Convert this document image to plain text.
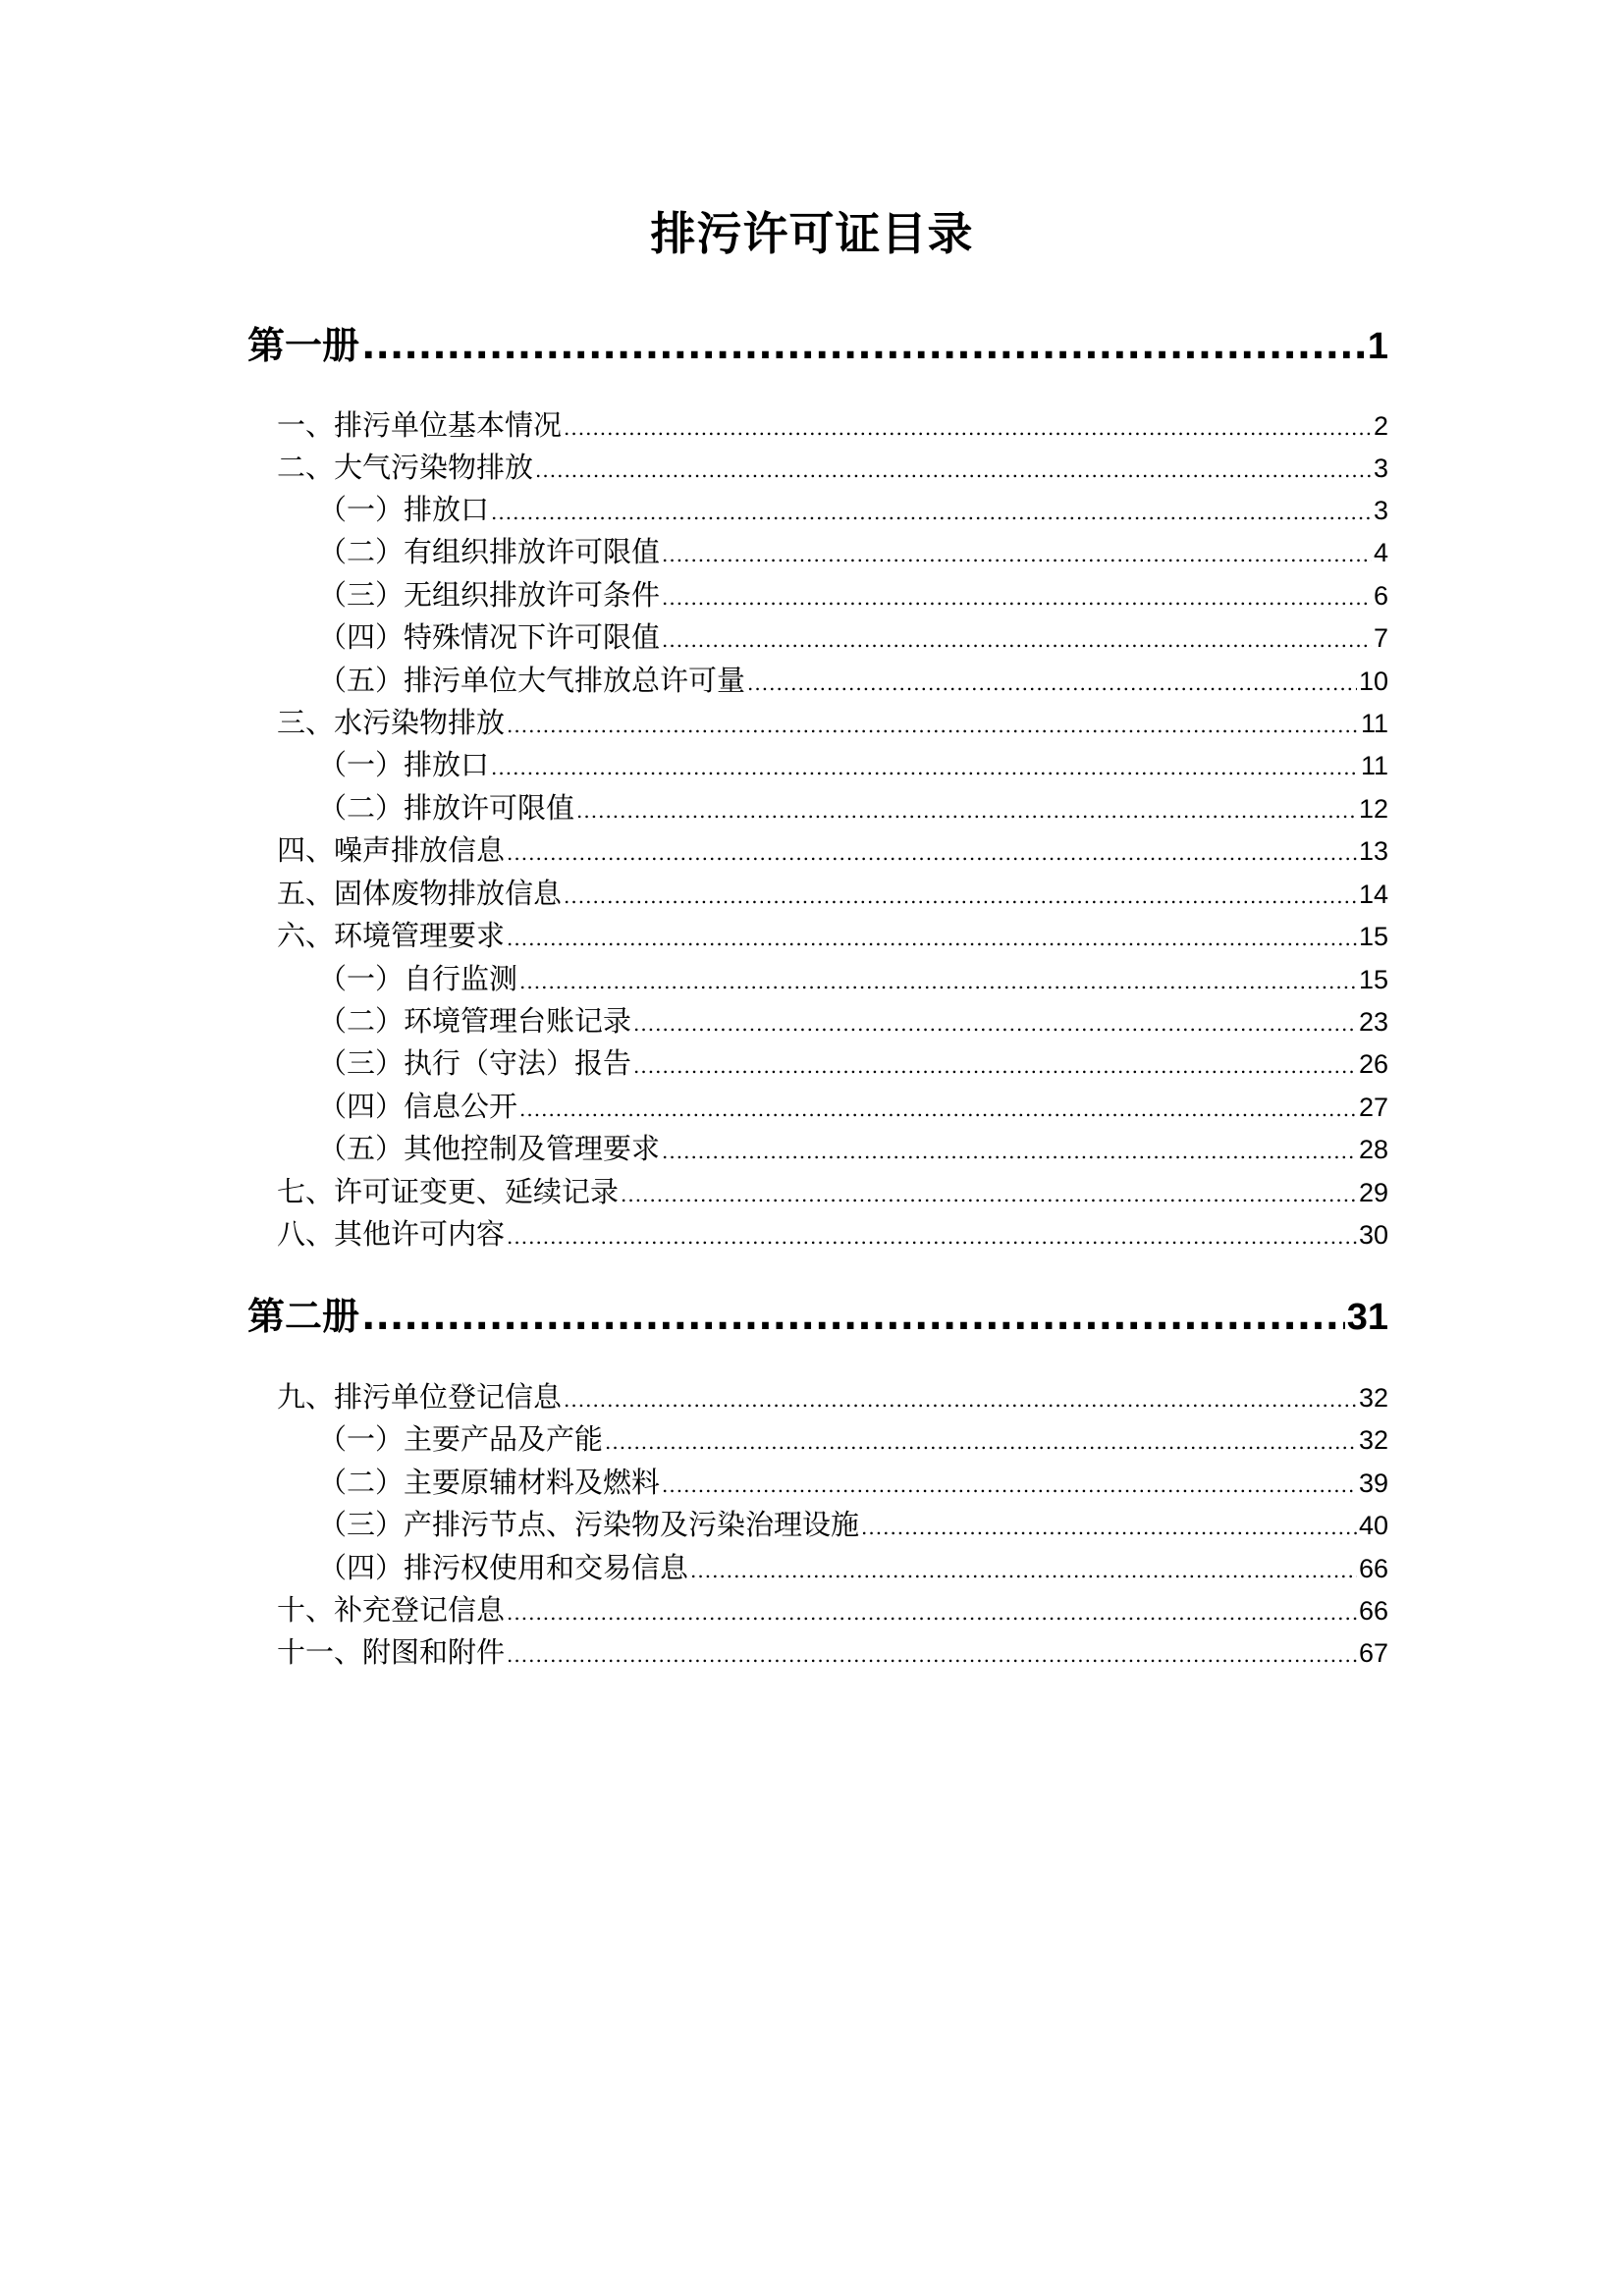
排污许可证目录
第一册 .....	1
一、排污单位基本情况 .....	2
二、大气污染物排放 .....	3
（一）排放口 .....	3
（二）有组织排放许可限值 .....	4
（三）无组织排放许可条件 .....	6
（四）特殊情况下许可限值 .....	7
（五）排污单位大气排放总许可量 .....	10
三、水污染物排放 .....	11
（一）排放口 .....	11
（二）排放许可限值 .....	12
四、噪声排放信息 .....	13
五、固体废物排放信息 .....	14
六、环境管理要求 .....	15
（一）自行监测 .....	15
（二）环境管理台账记录 .....	23
（三）执行（守法）报告 .....	26
（四）信息公开 .....	27
（五）其他控制及管理要求 .....	28
七、许可证变更、延续记录 .....	29
八、其他许可内容 .....	30
第二册 .....	31
九、排污单位登记信息 .....	32
（一）主要产品及产能 .....	32
（二）主要原辅材料及燃料 .....	39
（三）产排污节点、污染物及污染治理设施 .....	40
（四）排污权使用和交易信息 .....	66
十、补充登记信息 .....	66
十一、附图和附件 .....	67
